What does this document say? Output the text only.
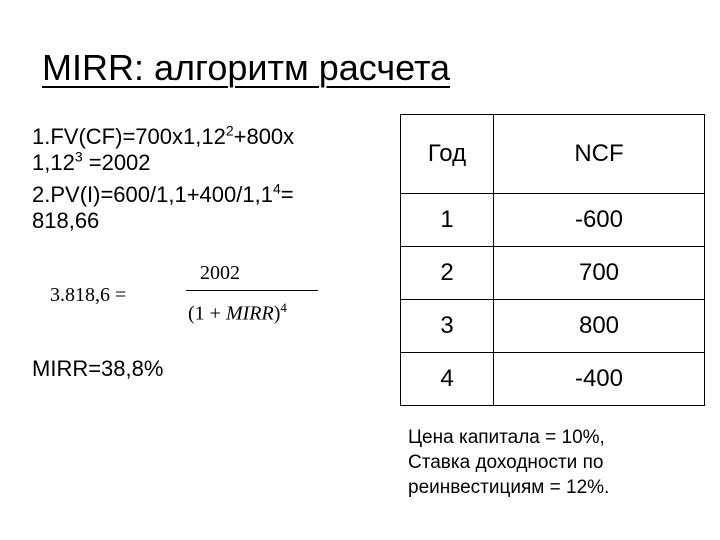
MIRR: алгоритм расчета
$1.FV(CF)=700x1,12^2+800x$
$1,12^3 =2002$
$2.PV(I)=600/1,1+400/1,1^4=$
818,66
3.818,6 =
2002
(1 + MIRR)$^4$
MIRR=38,8%
Год	NCF
1	-600
2	700
3	800
4	-400
Цена капитала = 10%,
Ставка доходности по
реинвестициям = 12%.
